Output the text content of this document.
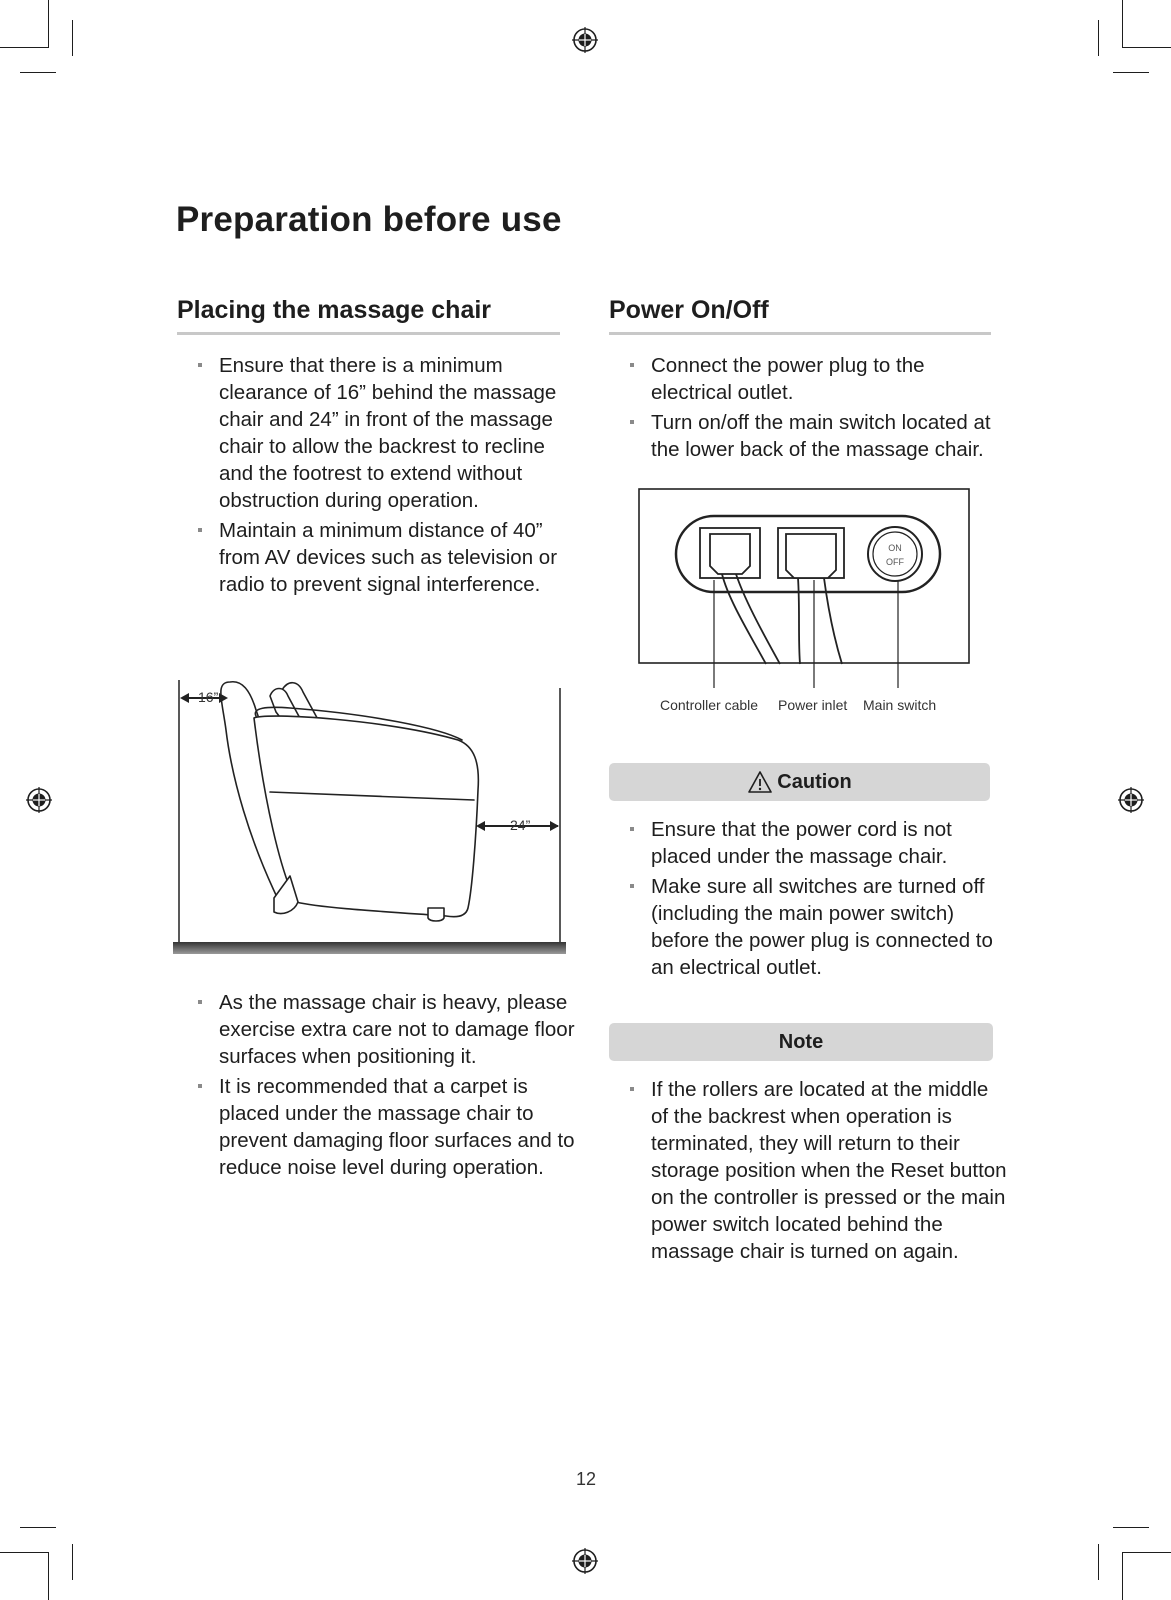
Preparation before use
Placing the massage chair
Ensure that there is a minimum clearance of 16” behind the massage chair and 24” in front of the massage chair to allow the backrest to recline and the footrest to extend without obstruction during operation.
Maintain a minimum distance of 40” from AV devices such as television or radio to prevent signal interference.
16”
24”
As the massage chair is heavy, please exercise extra care not to damage floor surfaces when positioning it.
It is recommended that a carpet is placed under the massage chair to prevent damaging floor surfaces and to reduce noise level during operation.
Power On/Off
Connect the power plug to the electrical outlet.
Turn on/off the main switch located at the lower back of the massage chair.
ON
OFF
Controller cable Power inlet Main switch
Caution
Ensure that the power cord is not placed under the massage chair.
Make sure all switches are turned off (including the main power switch) before the power plug is connected to an electrical outlet.
Note
If the rollers are located at the middle of the backrest when operation is terminated, they will return to their storage position when the Reset button on the controller is pressed or the main power switch located behind the massage chair is turned on again.
12
